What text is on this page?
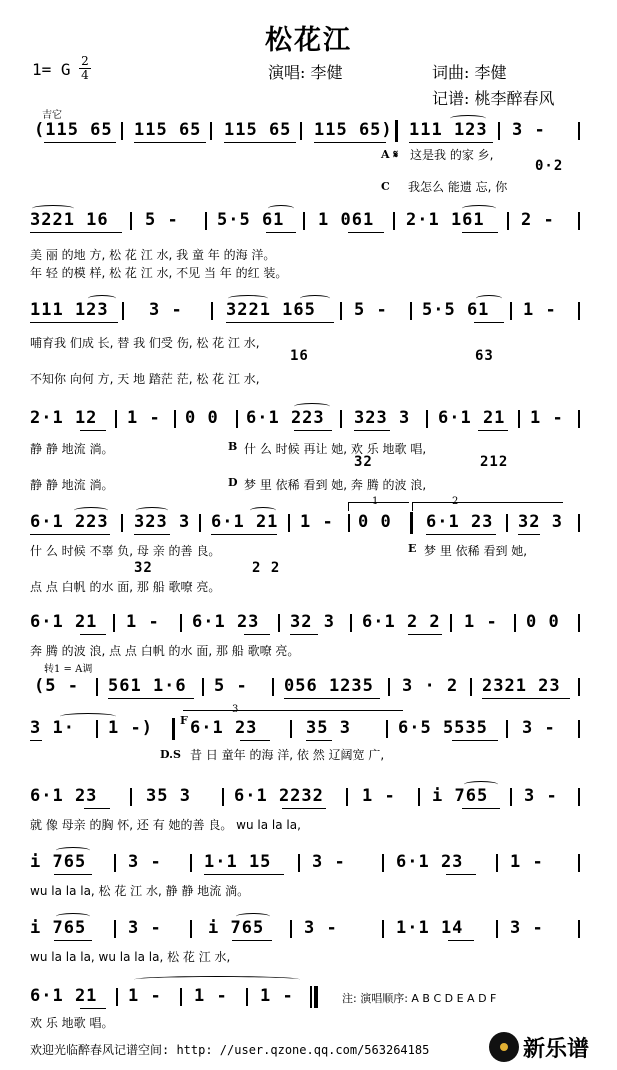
松花江
1= G 2
4	演唱: 李健	词曲: 李健
记谱: 桃李醉春风
吉它
(115 65 115 65 115 65 115 65) 111 123 3 -
A 𝄋 这是我 的家 乡,
0·2
C 我怎么 能遗 忘, 你
3221 16 5 - 5·5 61 1 061 2·1 161 2 -
美 丽 的地 方, 松 花 江 水, 我 童 年 的海 洋。
年 轻 的模 样, 松 花 江 水, 不见 当 年 的红 装。
111 123 3 -	3221 165 5 - 5·5 61 1 -
哺育我 们成 长, 替 我 们受 伤, 松 花 江 水,
16	63
不知你 向何 方, 天 地 踏茫 茫, 松 花 江 水,
2·1 12 1 - 0 0 6·1 223 323 3 6·1 21 1 -
静 静 地流 淌。	B 什 么 时候 再让 她, 欢 乐 地歌 唱,
32	212
静 静 地流 淌。	D 梦 里 依稀 看到 她, 奔 腾 的波 浪,
1	2
6·1 223 323 3 6·1 21 1 - 0 0 6·1 23 32 3
什 么 时候 不辜 负, 母 亲 的善 良。	E 梦 里 依稀 看到 她,
32	2 2
点 点 白帆 的水 面, 那 船 歌嘹 亮。
6·1 21 1 - 6·1 23 32 3 6·1 2 2 1 - 0 0
奔 腾 的波 浪, 点 点 白帆 的水 面, 那 船 歌嘹 亮。
转1 = A调
(5 - 561 1·6 5 - 056 1235 3 · 2 2321 23
3
3 1· 1 -) F 6·1 23	35 3	6·5 5535 3 -
D.S 昔 日 童年 的海 洋, 依 然 辽阔宽 广,
6·1 23	35 3	6·1 2232 1 - i 765 3 -
就 像 母亲 的胸 怀, 还 有 她的善 良。 wu la la la,
i 765 3 - 1·1 15 3 -	6·1 23	1 -
wu la la la, 松 花 江 水, 静 静 地流 淌。
i 765 3 -	i 765 3 -	1·1 14	3 -
wu la la la, wu la la la, 松 花 江 水,
6·1 21 1 - 1 - 1 -	注: 演唱顺序: A B C D E A D F
欢 乐 地歌 唱。
欢迎光临醉春风记谱空间: http: //user.qzone.qq.com/563264185	新乐谱
